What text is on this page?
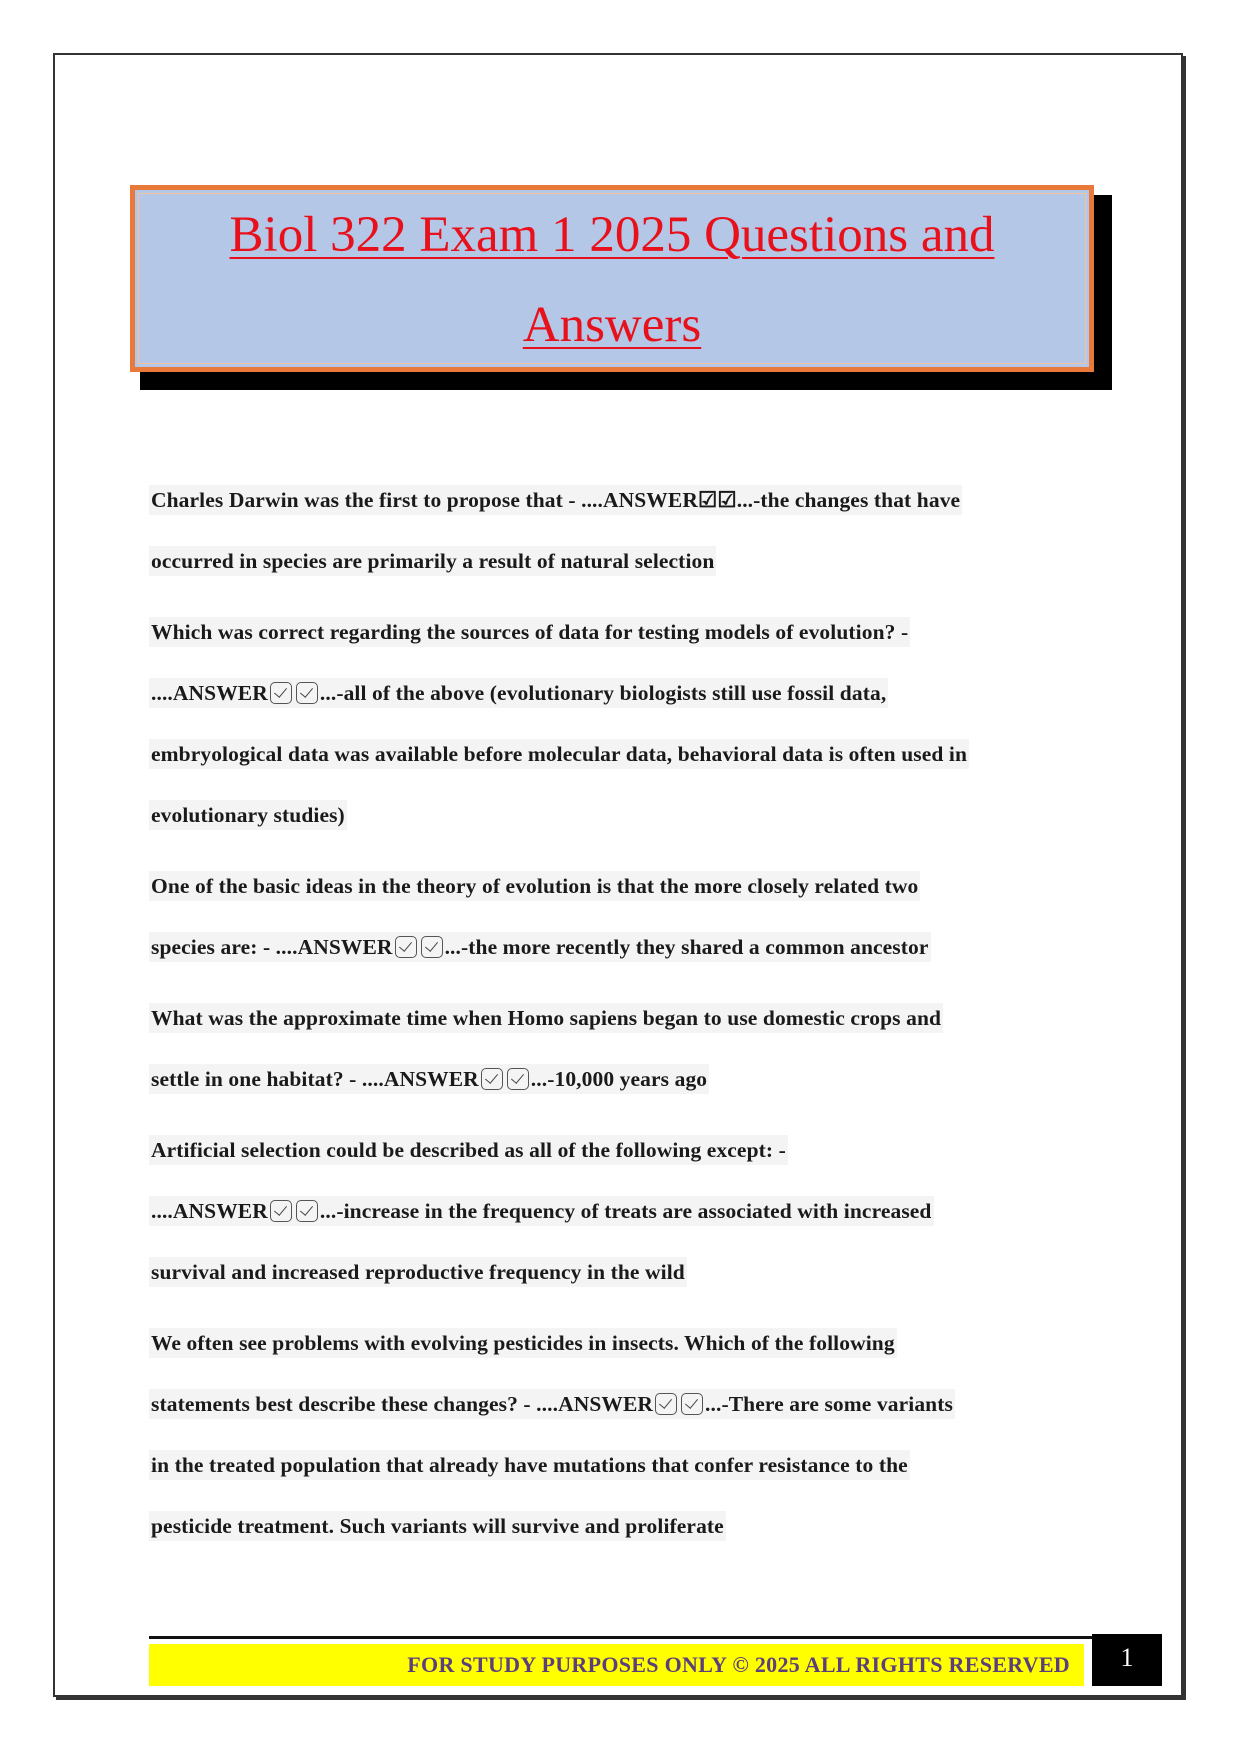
Biol 322 Exam 1 2025 Questions and
Answers
Charles Darwin was the first to propose that - ....ANSWER☑☑...-the changes that have
occurred in species are primarily a result of natural selection
Which was correct regarding the sources of data for testing models of evolution? -
....ANSWER ...-all of the above (evolutionary biologists still use fossil data,
embryological data was available before molecular data, behavioral data is often used in
evolutionary studies)
One of the basic ideas in the theory of evolution is that the more closely related two
species are: - ....ANSWER ...-the more recently they shared a common ancestor
What was the approximate time when Homo sapiens began to use domestic crops and
settle in one habitat? - ....ANSWER ...-10,000 years ago
Artificial selection could be described as all of the following except: -
....ANSWER ...-increase in the frequency of treats are associated with increased
survival and increased reproductive frequency in the wild
We often see problems with evolving pesticides in insects. Which of the following
statements best describe these changes? - ....ANSWER ...-There are some variants
in the treated population that already have mutations that confer resistance to the
pesticide treatment. Such variants will survive and proliferate
FOR STUDY PURPOSES ONLY © 2025 ALL RIGHTS RESERVED	1
